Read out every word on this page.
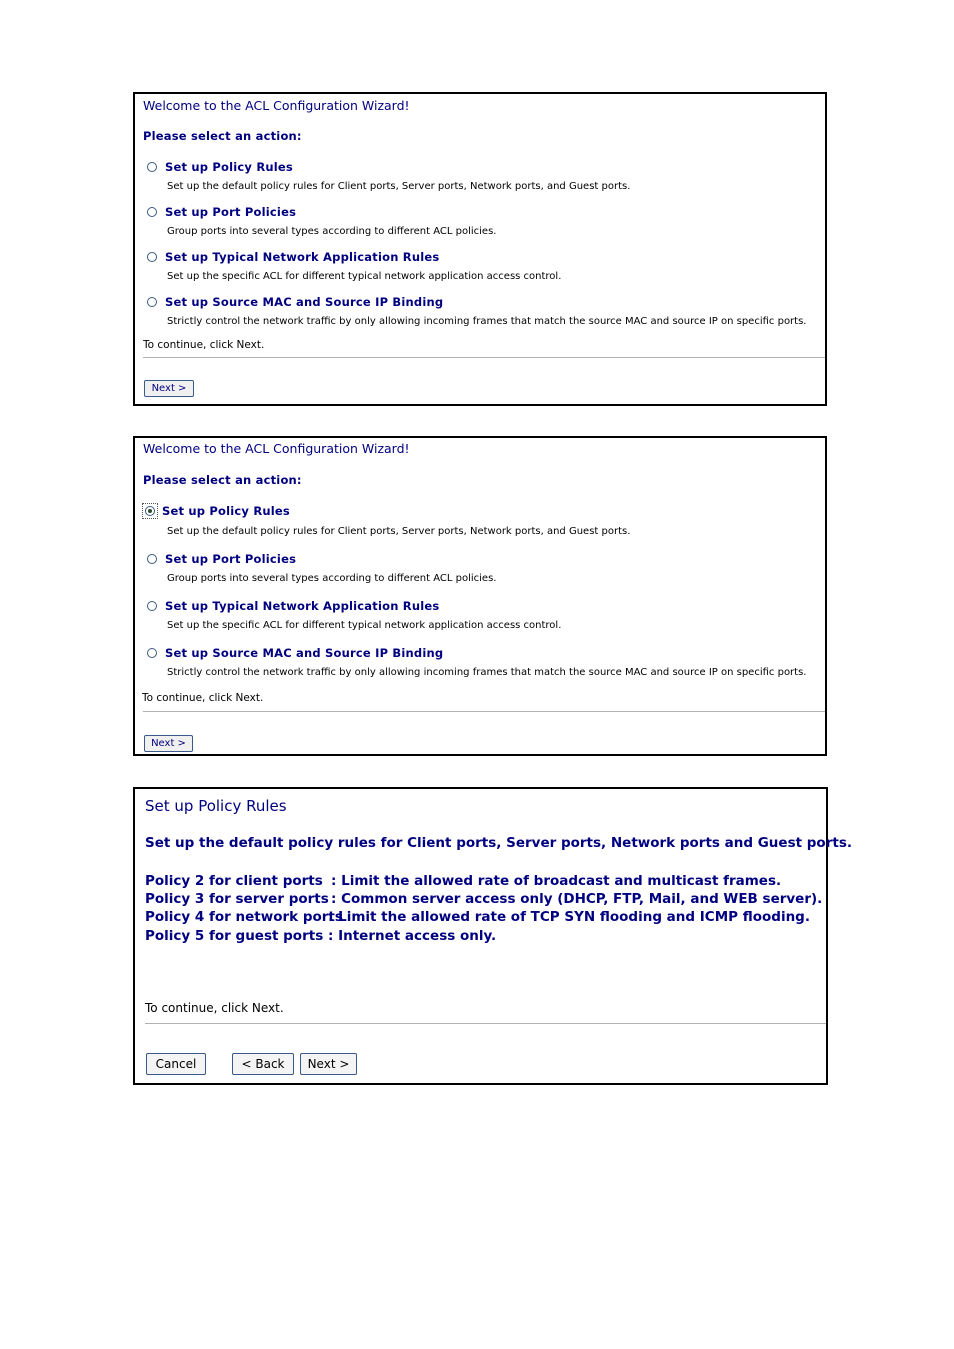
Welcome to the ACL Configuration Wizard!
Please select an action:
Set up Policy Rules
Set up the default policy rules for Client ports, Server ports, Network ports, and Guest ports.
Set up Port Policies
Group ports into several types according to different ACL policies.
Set up Typical Network Application Rules
Set up the specific ACL for different typical network application access control.
Set up Source MAC and Source IP Binding
Strictly control the network traffic by only allowing incoming frames that match the source MAC and source IP on specific ports.
To continue, click Next.
Next >
Welcome to the ACL Configuration Wizard!
Please select an action:
Set up Policy Rules
Set up the default policy rules for Client ports, Server ports, Network ports, and Guest ports.
Set up Port Policies
Group ports into several types according to different ACL policies.
Set up Typical Network Application Rules
Set up the specific ACL for different typical network application access control.
Set up Source MAC and Source IP Binding
Strictly control the network traffic by only allowing incoming frames that match the source MAC and source IP on specific ports.
To continue, click Next.
Next >
Set up Policy Rules
Set up the default policy rules for Client ports, Server ports, Network ports and Guest ports.
Policy 2 for client ports : Limit the allowed rate of broadcast and multicast frames.
Policy 3 for server ports : Common server access only (DHCP, FTP, Mail, and WEB server).
Policy 4 for network ports
: Limit the allowed rate of TCP SYN flooding and ICMP flooding.
Policy 5 for guest ports : Internet access only.
To continue, click Next.
Cancel	< Back	Next >
